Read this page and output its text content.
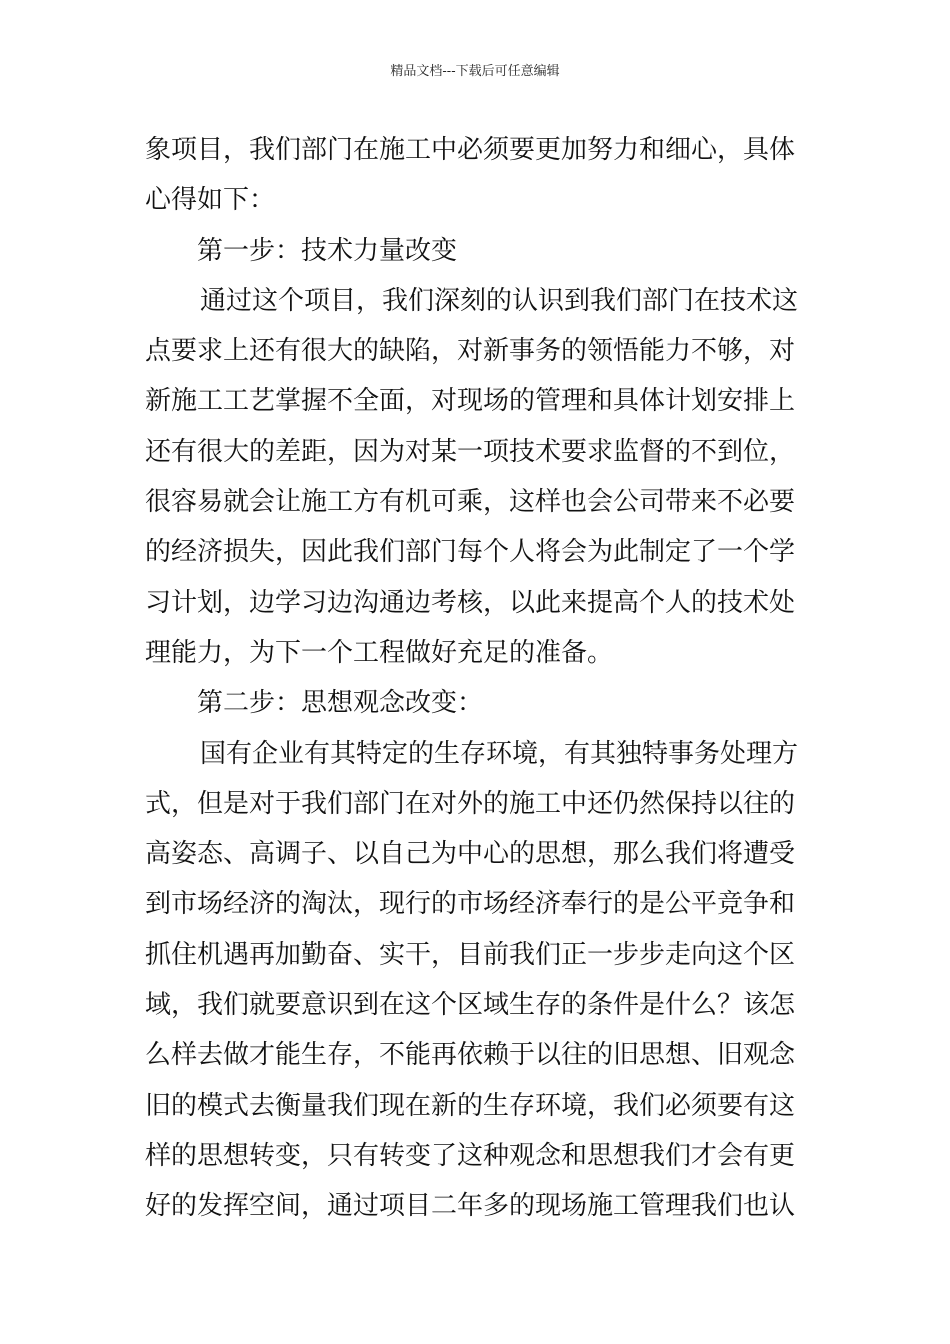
精品文档---下载后可任意编辑
象项目，我们部门在施工中必须要更加努力和细心，具体
心得如下：
第一步：技术力量改变
通过这个项目，我们深刻的认识到我们部门在技术这
点要求上还有很大的缺陷，对新事务的领悟能力不够，对
新施工工艺掌握不全面，对现场的管理和具体计划安排上
还有很大的差距，因为对某一项技术要求监督的不到位，
很容易就会让施工方有机可乘，这样也会公司带来不必要
的经济损失，因此我们部门每个人将会为此制定了一个学
习计划，边学习边沟通边考核，以此来提高个人的技术处
理能力，为下一个工程做好充足的准备。
第二步：思想观念改变：
国有企业有其特定的生存环境，有其独特事务处理方
式，但是对于我们部门在对外的施工中还仍然保持以往的
高姿态、高调子、以自己为中心的思想，那么我们将遭受
到市场经济的淘汰，现行的市场经济奉行的是公平竞争和
抓住机遇再加勤奋、实干，目前我们正一步步走向这个区
域，我们就要意识到在这个区域生存的条件是什么？该怎
么样去做才能生存，不能再依赖于以往的旧思想、旧观念
旧的模式去衡量我们现在新的生存环境，我们必须要有这
样的思想转变，只有转变了这种观念和思想我们才会有更
好的发挥空间，通过项目二年多的现场施工管理我们也认
